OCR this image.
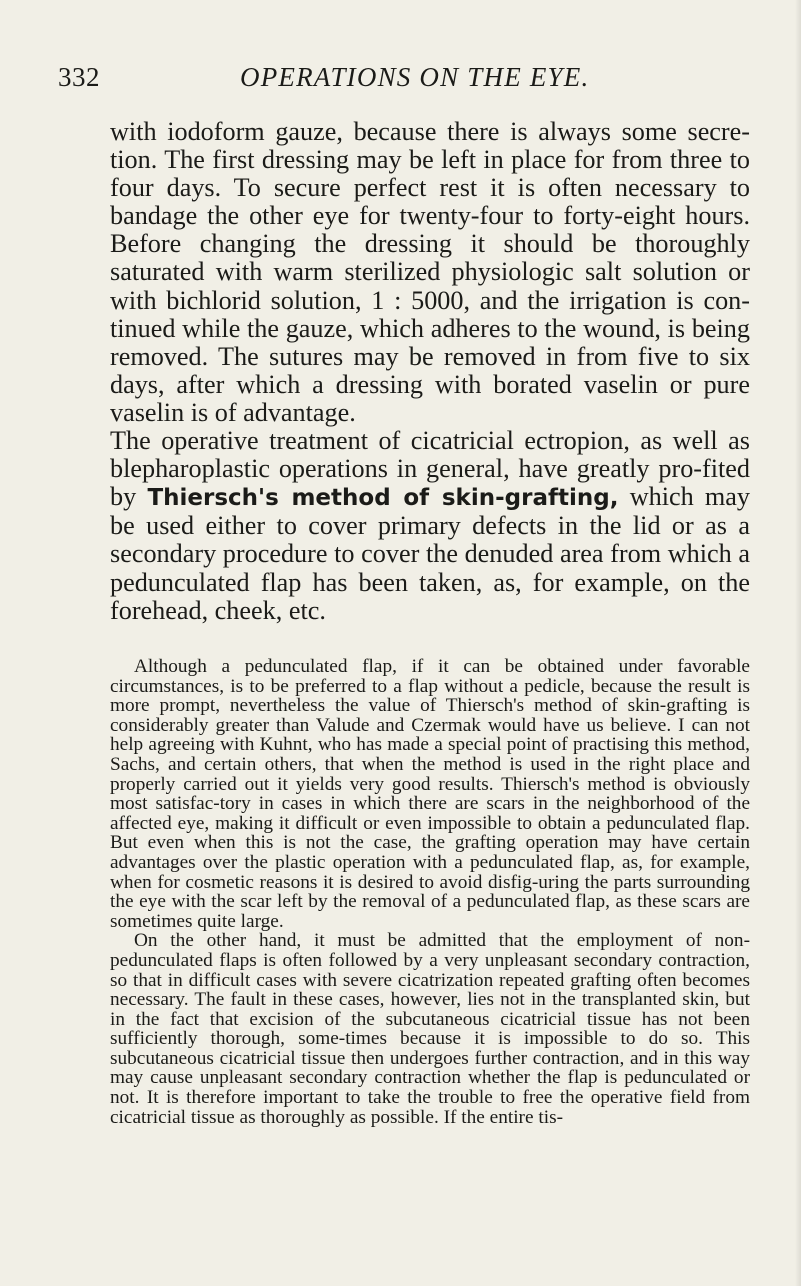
332	OPERATIONS ON THE EYE.

with iodoform gauze, because there is always some secre-tion. The first dressing may be left in place for from three to four days. To secure perfect rest it is often necessary to bandage the other eye for twenty-four to forty-eight hours. Before changing the dressing it should be thoroughly saturated with warm sterilized physiologic salt solution or with bichlorid solution, 1 : 5000, and the irrigation is con-tinued while the gauze, which adheres to the wound, is being removed. The sutures may be removed in from five to six days, after which a dressing with borated vaselin or pure vaselin is of advantage.

The operative treatment of cicatricial ectropion, as well as blepharoplastic operations in general, have greatly pro-fited by Thiersch's method of skin-grafting, which may be used either to cover primary defects in the lid or as a secondary procedure to cover the denuded area from which a pedunculated flap has been taken, as, for example, on the forehead, cheek, etc.

Although a pedunculated flap, if it can be obtained under favorable circumstances, is to be preferred to a flap without a pedicle, because the result is more prompt, nevertheless the value of Thiersch's method of skin-grafting is considerably greater than Valude and Czermak would have us believe. I can not help agreeing with Kuhnt, who has made a special point of practising this method, Sachs, and certain others, that when the method is used in the right place and properly carried out it yields very good results. Thiersch's method is obviously most satisfac-tory in cases in which there are scars in the neighborhood of the affected eye, making it difficult or even impossible to obtain a pedunculated flap. But even when this is not the case, the grafting operation may have certain advantages over the plastic operation with a pedunculated flap, as, for example, when for cosmetic reasons it is desired to avoid disfig-uring the parts surrounding the eye with the scar left by the removal of a pedunculated flap, as these scars are sometimes quite large.

On the other hand, it must be admitted that the employment of non-pedunculated flaps is often followed by a very unpleasant secondary contraction, so that in difficult cases with severe cicatrization repeated grafting often becomes necessary. The fault in these cases, however, lies not in the transplanted skin, but in the fact that excision of the subcutaneous cicatricial tissue has not been sufficiently thorough, some-times because it is impossible to do so. This subcutaneous cicatricial tissue then undergoes further contraction, and in this way may cause unpleasant secondary contraction whether the flap is pedunculated or not. It is therefore important to take the trouble to free the operative field from cicatricial tissue as thoroughly as possible. If the entire tis-
